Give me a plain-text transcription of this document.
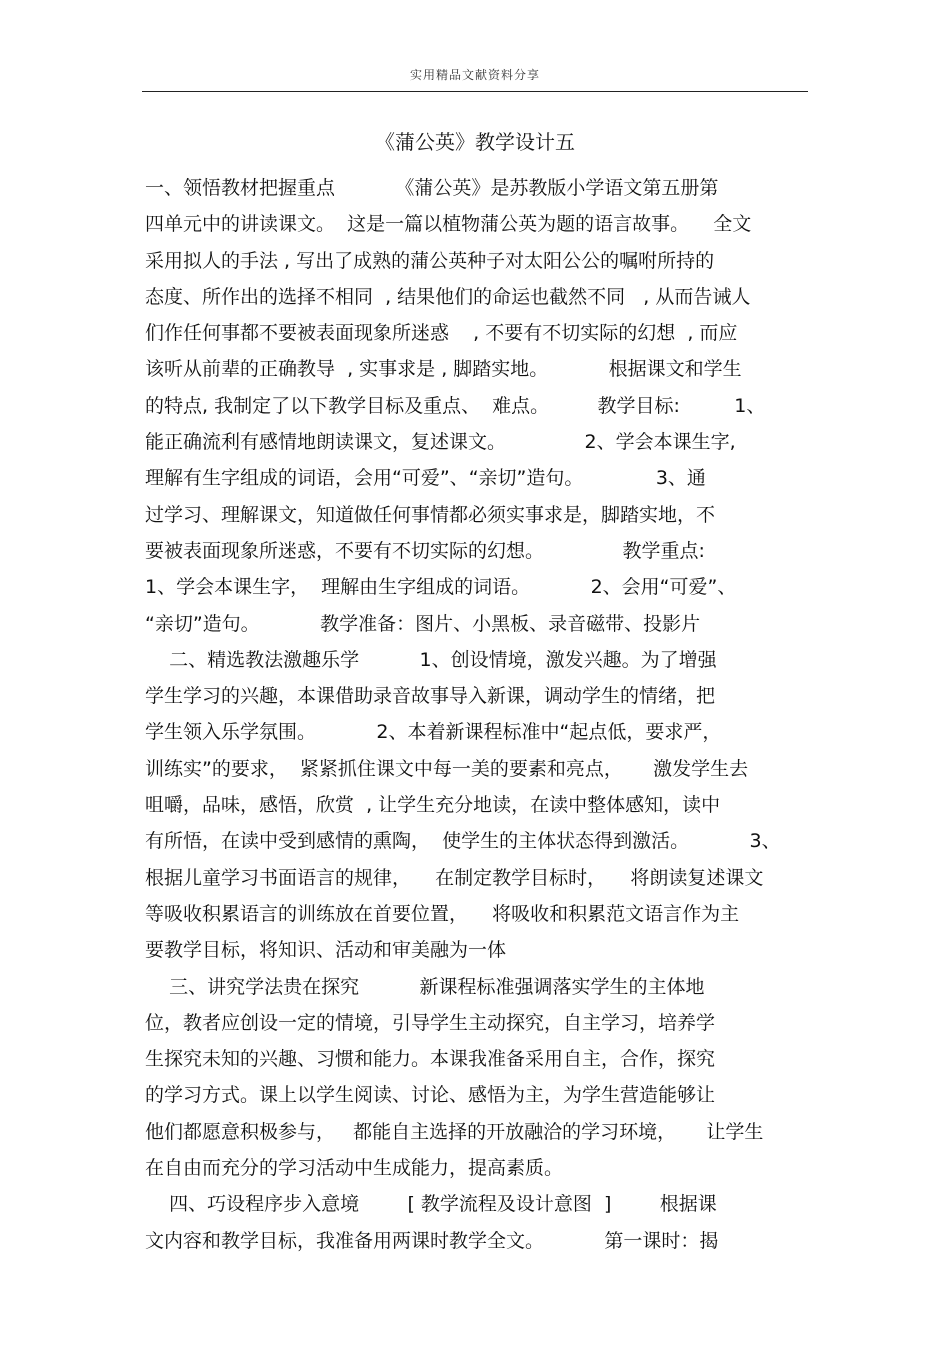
实用精品文献资料分享
《蒲公英》教学设计五
一、领悟教材把握重点          《蒲公英》是苏教版小学语文第五册第
四单元中的讲读课文。  这是一篇以植物蒲公英为题的语言故事。    全文
采用拟人的手法 , 写出了成熟的蒲公英种子对太阳公公的嘱咐所持的
态度、所作出的选择不相同  , 结果他们的命运也截然不同   , 从而告诫人
们作任何事都不要被表面现象所迷惑    , 不要有不切实际的幻想  , 而应
该听从前辈的正确教导  , 实事求是 , 脚踏实地。          根据课文和学生
的特点, 我制定了以下教学目标及重点、  难点。        教学目标:         1、
能正确流利有感情地朗读课文，复述课文。             2、学会本课生字,
理解有生字组成的词语，会用“可爱”、“亲切”造句。            3、通
过学习、理解课文，知道做任何事情都必须实事求是，脚踏实地，不
要被表面现象所迷惑，不要有不切实际的幻想。             教学重点:
1、学会本课生字，  理解由生字组成的词语。          2、会用“可爱”、
“亲切”造句。          教学准备：图片、小黑板、录音磁带、投影片
二、精选教法激趣乐学          1、创设情境，激发兴趣。为了增强
学生学习的兴趣，本课借助录音故事导入新课，调动学生的情绪，把
学生领入乐学氛围。          2、本着新课程标准中“起点低，要求严，
训练实”的要求，  紧紧抓住课文中每一美的要素和亮点，     激发学生去
咀嚼，品味，感悟，欣赏  , 让学生充分地读，在读中整体感知，读中
有所悟，在读中受到感情的熏陶，  使学生的主体状态得到激活。          3、
根据儿童学习书面语言的规律，    在制定教学目标时，    将朗读复述课文
等吸收积累语言的训练放在首要位置，    将吸收和积累范文语言作为主
要教学目标，将知识、活动和审美融为一体
三、讲究学法贵在探究          新课程标准强调落实学生的主体地
位，教者应创设一定的情境，引导学生主动探究，自主学习，培养学
生探究未知的兴趣、习惯和能力。本课我准备采用自主，合作，探究
的学习方式。课上以学生阅读、讨论、感悟为主，为学生营造能够让
他们都愿意积极参与，   都能自主选择的开放融洽的学习环境，     让学生
在自由而充分的学习活动中生成能力，提高素质。
四、巧设程序步入意境        [ 教学流程及设计意图  ]        根据课
文内容和教学目标，我准备用两课时教学全文。          第一课时：揭
